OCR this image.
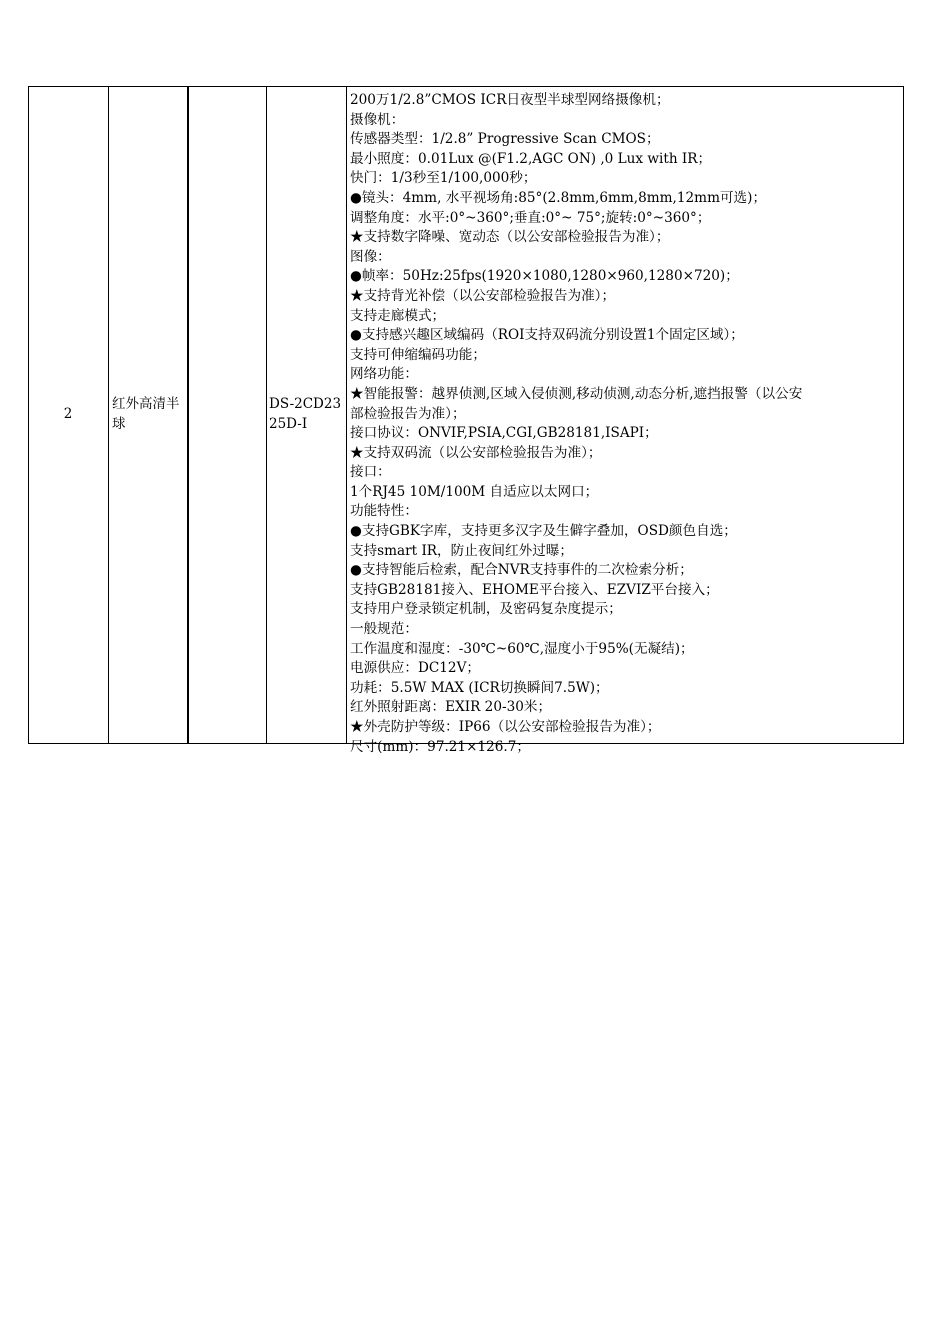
2
红外高清半球
DS-2CD2325D-I
200万1/2.8”CMOS ICR日夜型半球型网络摄像机；
摄像机：
传感器类型：1/2.8” Progressive Scan CMOS；
最小照度：0.01Lux @(F1.2,AGC ON) ,0 Lux with IR；
快门：1/3秒至1/100,000秒；
●镜头：4mm, 水平视场角:85°(2.8mm,6mm,8mm,12mm可选)；
调整角度：水平:0°~360°;垂直:0°~ 75°;旋转:0°~360°；
★支持数字降噪、宽动态（以公安部检验报告为准）；
图像：
●帧率：50Hz:25fps(1920×1080,1280×960,1280×720)；
★支持背光补偿（以公安部检验报告为准）；
支持走廊模式；
●支持感兴趣区域编码（ROI支持双码流分别设置1个固定区域）；
支持可伸缩编码功能；
网络功能：
★智能报警：越界侦测,区域入侵侦测,移动侦测,动态分析,遮挡报警（以公安
部检验报告为准）；
接口协议：ONVIF,PSIA,CGI,GB28181,ISAPI；
★支持双码流（以公安部检验报告为准）；
接口：
1个RJ45 10M/100M 自适应以太网口；
功能特性：
●支持GBK字库，支持更多汉字及生僻字叠加，OSD颜色自选；
支持smart IR，防止夜间红外过曝；
●支持智能后检索，配合NVR支持事件的二次检索分析；
支持GB28181接入、EHOME平台接入、EZVIZ平台接入；
支持用户登录锁定机制，及密码复杂度提示；
一般规范：
工作温度和湿度：-30℃~60℃,湿度小于95%(无凝结)；
电源供应：DC12V；
功耗：5.5W MAX (ICR切换瞬间7.5W)；
红外照射距离：EXIR 20-30米；
★外壳防护等级：IP66（以公安部检验报告为准）；
尺寸(mm)：97.21×126.7；
